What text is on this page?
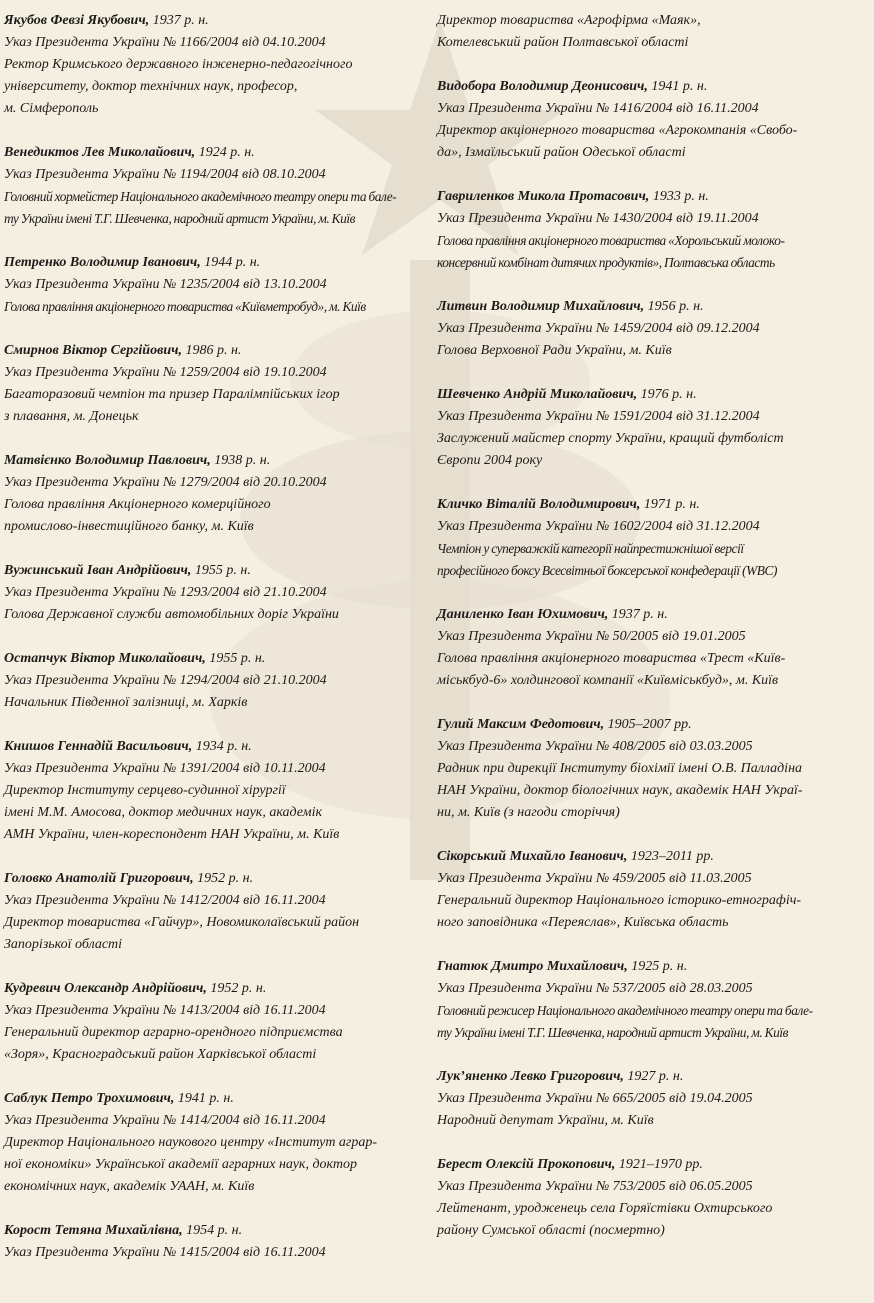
Якубов Февзі Якубович, 1937 р. н.

Указ Президента України № 1166/2004 від 04.10.2004

Ректор Кримського державного інженерно-педагогічного

університету, доктор технічних наук, професор,

м. Сімферополь

Венедиктов Лев Миколайович, 1924 р. н.

Указ Президента України № 1194/2004 від 08.10.2004

Головний хормейстер Національного академічного театру опери та бале-

ту України імені Т.Г. Шевченка, народний артист України, м. Київ

Петренко Володимир Іванович, 1944 р. н.

Указ Президента України № 1235/2004 від 13.10.2004

Голова правління акціонерного товариства «Київметробуд», м. Київ

Смирнов Віктор Сергійович, 1986 р. н.

Указ Президента України № 1259/2004 від 19.10.2004

Багаторазовий чемпіон та призер Паралімпійських ігор

з плавання, м. Донецьк

Матвієнко Володимир Павлович, 1938 р. н.

Указ Президента України № 1279/2004 від 20.10.2004

Голова правління Акціонерного комерційного

промислово-інвестиційного банку, м. Київ

Вужинський Іван Андрійович, 1955 р. н.

Указ Президента України № 1293/2004 від 21.10.2004

Голова Державної служби автомобільних доріг України

Остапчук Віктор Миколайович, 1955 р. н.

Указ Президента України № 1294/2004 від 21.10.2004

Начальник Південної залізниці, м. Харків

Книшов Геннадій Васильович, 1934 р. н.

Указ Президента України № 1391/2004 від 10.11.2004

Директор Інституту серцево-судинної хірургії

імені М.М. Амосова, доктор медичних наук, академік

АМН України, член-кореспондент НАН України, м. Київ

Головко Анатолій Григорович, 1952 р. н.

Указ Президента України № 1412/2004 від 16.11.2004

Директор товариства «Гайчур», Новомиколаївський район

Запорізької області

Кудревич Олександр Андрійович, 1952 р. н.

Указ Президента України № 1413/2004 від 16.11.2004

Генеральний директор аграрно-орендного підприємства

«Зоря», Красноградський район Харківської області

Саблук Петро Трохимович, 1941 р. н.

Указ Президента України № 1414/2004 від 16.11.2004

Директор Національного наукового центру «Інститут аграр-

ної економіки» Української академії аграрних наук, доктор

економічних наук, академік УААН, м. Київ

Короcт Тетяна Михайлівна, 1954 р. н.

Указ Президента України № 1415/2004 від 16.11.2004

Директор товариства «Агрофірма «Маяк»,

Котелевський район Полтавської області

Видобора Володимир Деонисович, 1941 р. н.

Указ Президента України № 1416/2004 від 16.11.2004

Директор акціонерного товариства «Агрокомпанія «Свобо-

да», Ізмаїльський район Одеської області

Гавриленков Микола Протасович, 1933 р. н.

Указ Президента України № 1430/2004 від 19.11.2004

Голова правління акціонерного товариства «Хорольський молоко-

консервний комбінат дитячих продуктів», Полтавська область

Литвин Володимир Михайлович, 1956 р. н.

Указ Президента України № 1459/2004 від 09.12.2004

Голова Верховної Ради України, м. Київ

Шевченко Андрій Миколайович, 1976 р. н.

Указ Президента України № 1591/2004 від 31.12.2004

Заслужений майстер спорту України, кращий футболіст

Європи 2004 року

Кличко Віталій Володимирович, 1971 р. н.

Указ Президента України № 1602/2004 від 31.12.2004

Чемпіон у суперважкій категорії найпрестижнішої версії

професійного боксу Всесвітньої боксерської конфедерації (WBC)

Даниленко Іван Юхимович, 1937 р. н.

Указ Президента України № 50/2005 від 19.01.2005

Голова правління акціонерного товариства «Трест «Київ-

міськбуд-6» холдингової компанії «Київміськбуд», м. Київ

Гулий Максим Федотович, 1905–2007 рр.

Указ Президента України № 408/2005 від 03.03.2005

Радник при дирекції Інституту біохімії імені О.В. Палладіна

НАН України, доктор біологічних наук, академік НАН Украї-

ни, м. Київ (з нагоди сторіччя)

Сікорський Михайло Іванович, 1923–2011 рр.

Указ Президента України № 459/2005 від 11.03.2005

Генеральний директор Національного історико-етнографіч-

ного заповідника «Переяслав», Київська область

Гнатюк Дмитро Михайлович, 1925 р. н.

Указ Президента України № 537/2005 від 28.03.2005

Головний режисер Національного академічного театру опери та бале-

ту України імені Т.Г. Шевченка, народний артист України, м. Київ

Лук’яненко Левко Григорович, 1927 р. н.

Указ Президента України № 665/2005 від 19.04.2005

Народний депутат України, м. Київ

Берест Олексій Прокопович, 1921–1970 рр.

Указ Президента України № 753/2005 від 06.05.2005

Лейтенант, уродженець села Горяїстівки Охтирського

району Сумської області (посмертно)
